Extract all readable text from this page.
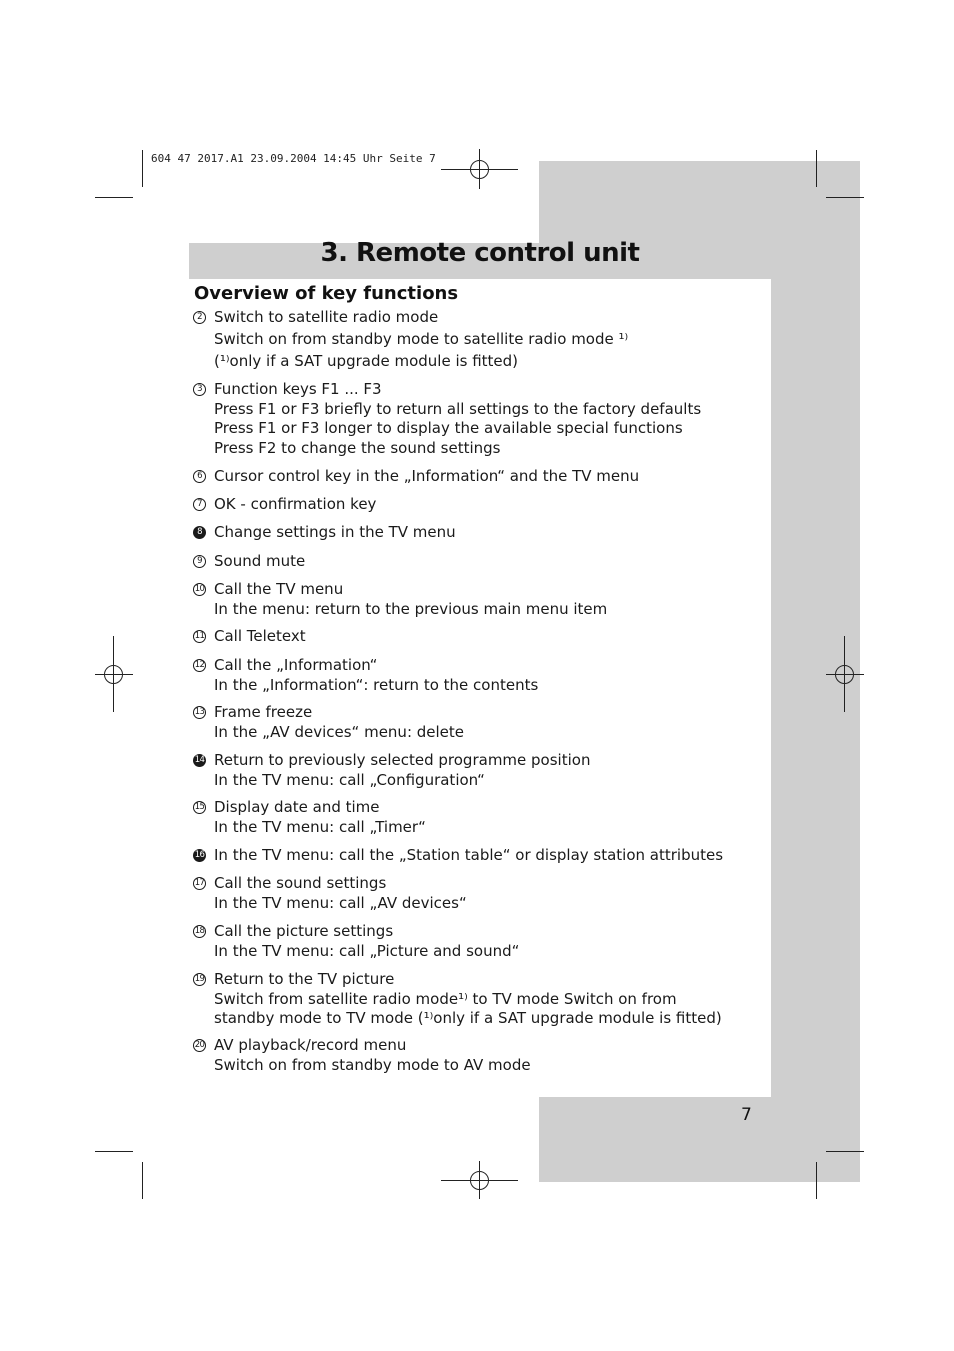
604 47 2017.A1 23.09.2004 14:45 Uhr Seite 7
3. Remote control unit
Overview of key functions
2 Switch to satellite radio mode
Switch on from standby mode to satellite radio mode ¹⁾
(¹⁾only if a SAT upgrade module is fitted)
3 Function keys F1 ... F3
Press F1 or F3 briefly to return all settings to the factory defaults
Press F1 or F3 longer to display the available special functions
Press F2 to change the sound settings
6 Cursor control key in the „Information“ and the TV menu
7 OK - confirmation key
8 Change settings in the TV menu
9 Sound mute
10 Call the TV menu
In the menu: return to the previous main menu item
11 Call Teletext
12 Call the „Information“
In the „Information“: return to the contents
13 Frame freeze
In the „AV devices“ menu: delete
14 Return to previously selected programme position
In the TV menu: call „Configuration“
15 Display date and time
In the TV menu: call „Timer“
16 In the TV menu: call the „Station table“ or display station attributes
17 Call the sound settings
In the TV menu: call „AV devices“
18 Call the picture settings
In the TV menu: call „Picture and sound“
19 Return to the TV picture
Switch from satellite radio mode¹⁾ to TV mode Switch on from
standby mode to TV mode (¹⁾only if a SAT upgrade module is fitted)
20 AV playback/record menu
Switch on from standby mode to AV mode
7
